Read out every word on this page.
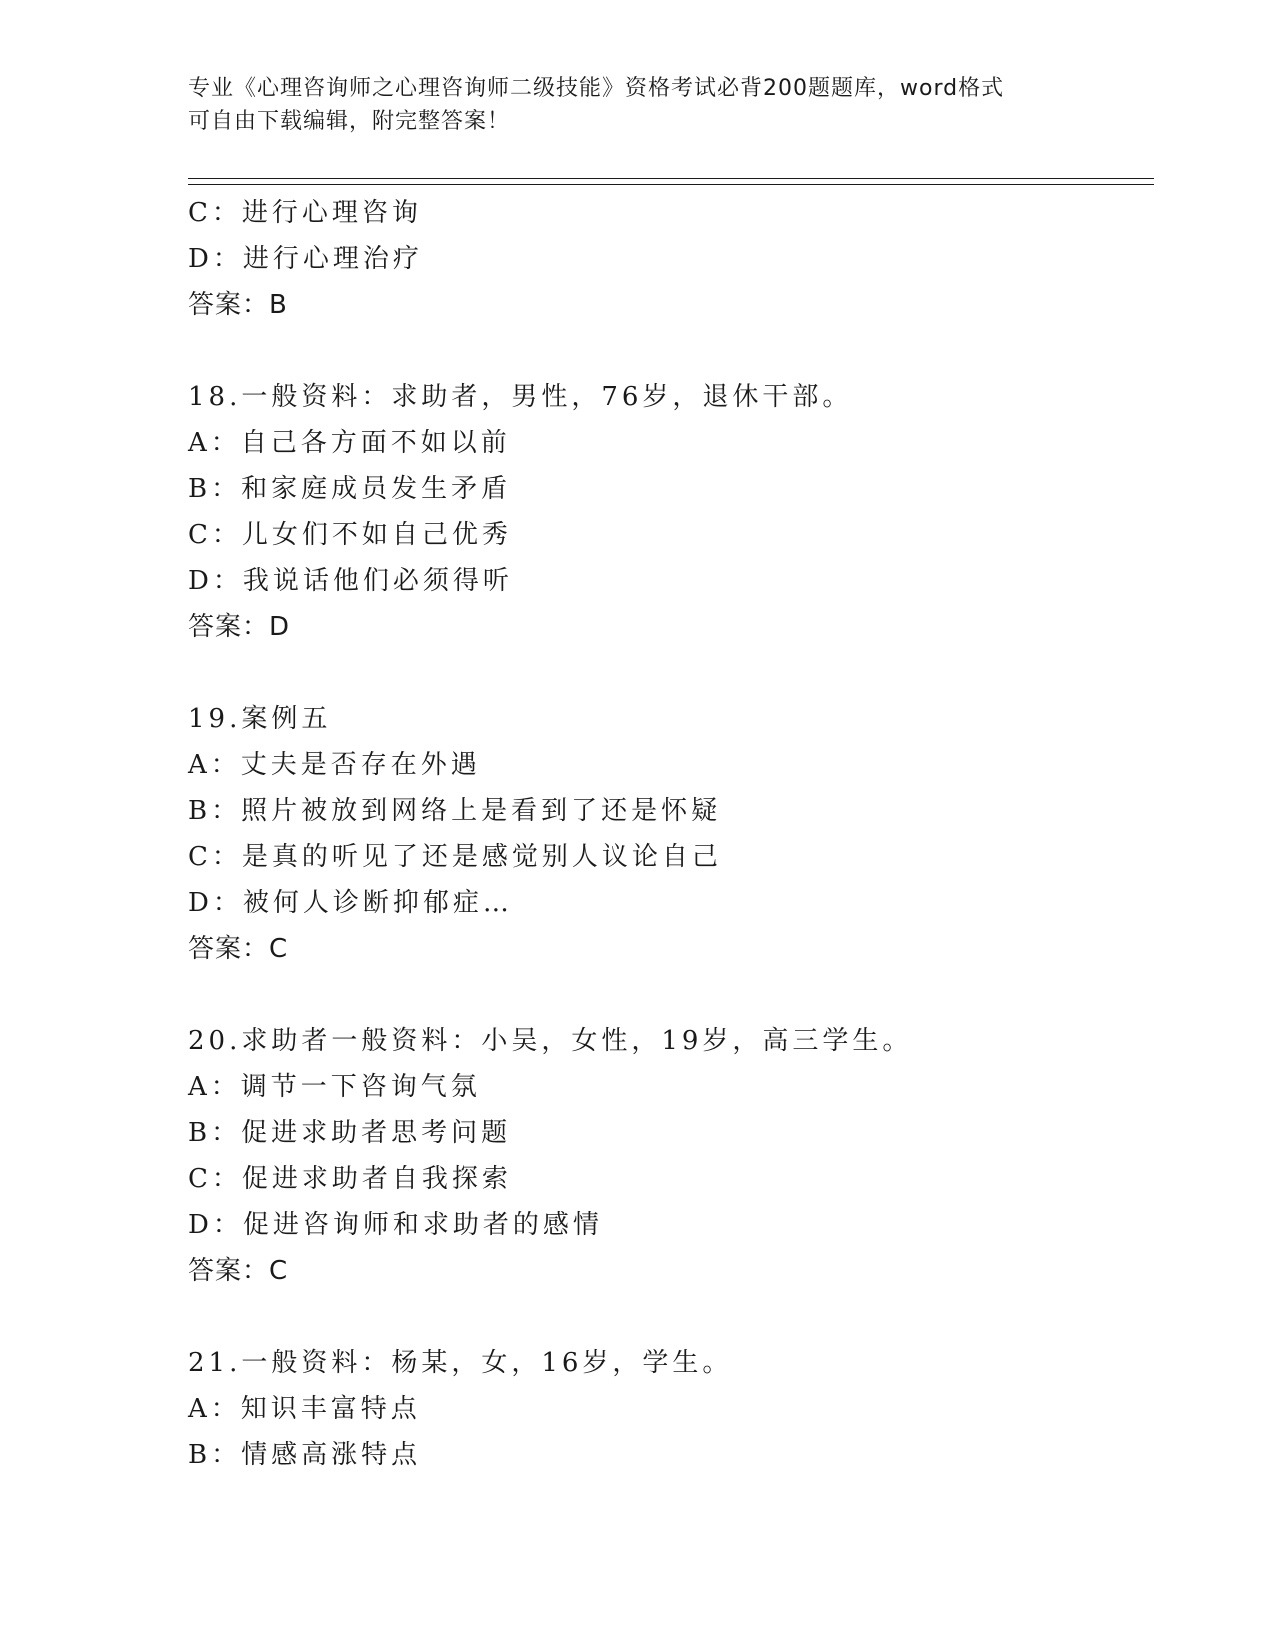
专业《心理咨询师之心理咨询师二级技能》资格考试必背200题题库，word格式
可自由下载编辑，附完整答案！
C：进行心理咨询
D：进行心理治疗
答案：B
18.一般资料：求助者，男性，76岁，退休干部。
A：自己各方面不如以前
B：和家庭成员发生矛盾
C：儿女们不如自己优秀
D：我说话他们必须得听
答案：D
19.案例五
A：丈夫是否存在外遇
B：照片被放到网络上是看到了还是怀疑
C：是真的听见了还是感觉别人议论自己
D：被何人诊断抑郁症…
答案：C
20.求助者一般资料：小吴，女性，19岁，高三学生。
A：调节一下咨询气氛
B：促进求助者思考问题
C：促进求助者自我探索
D：促进咨询师和求助者的感情
答案：C
21.一般资料：杨某，女，16岁，学生。
A：知识丰富特点
B：情感高涨特点
